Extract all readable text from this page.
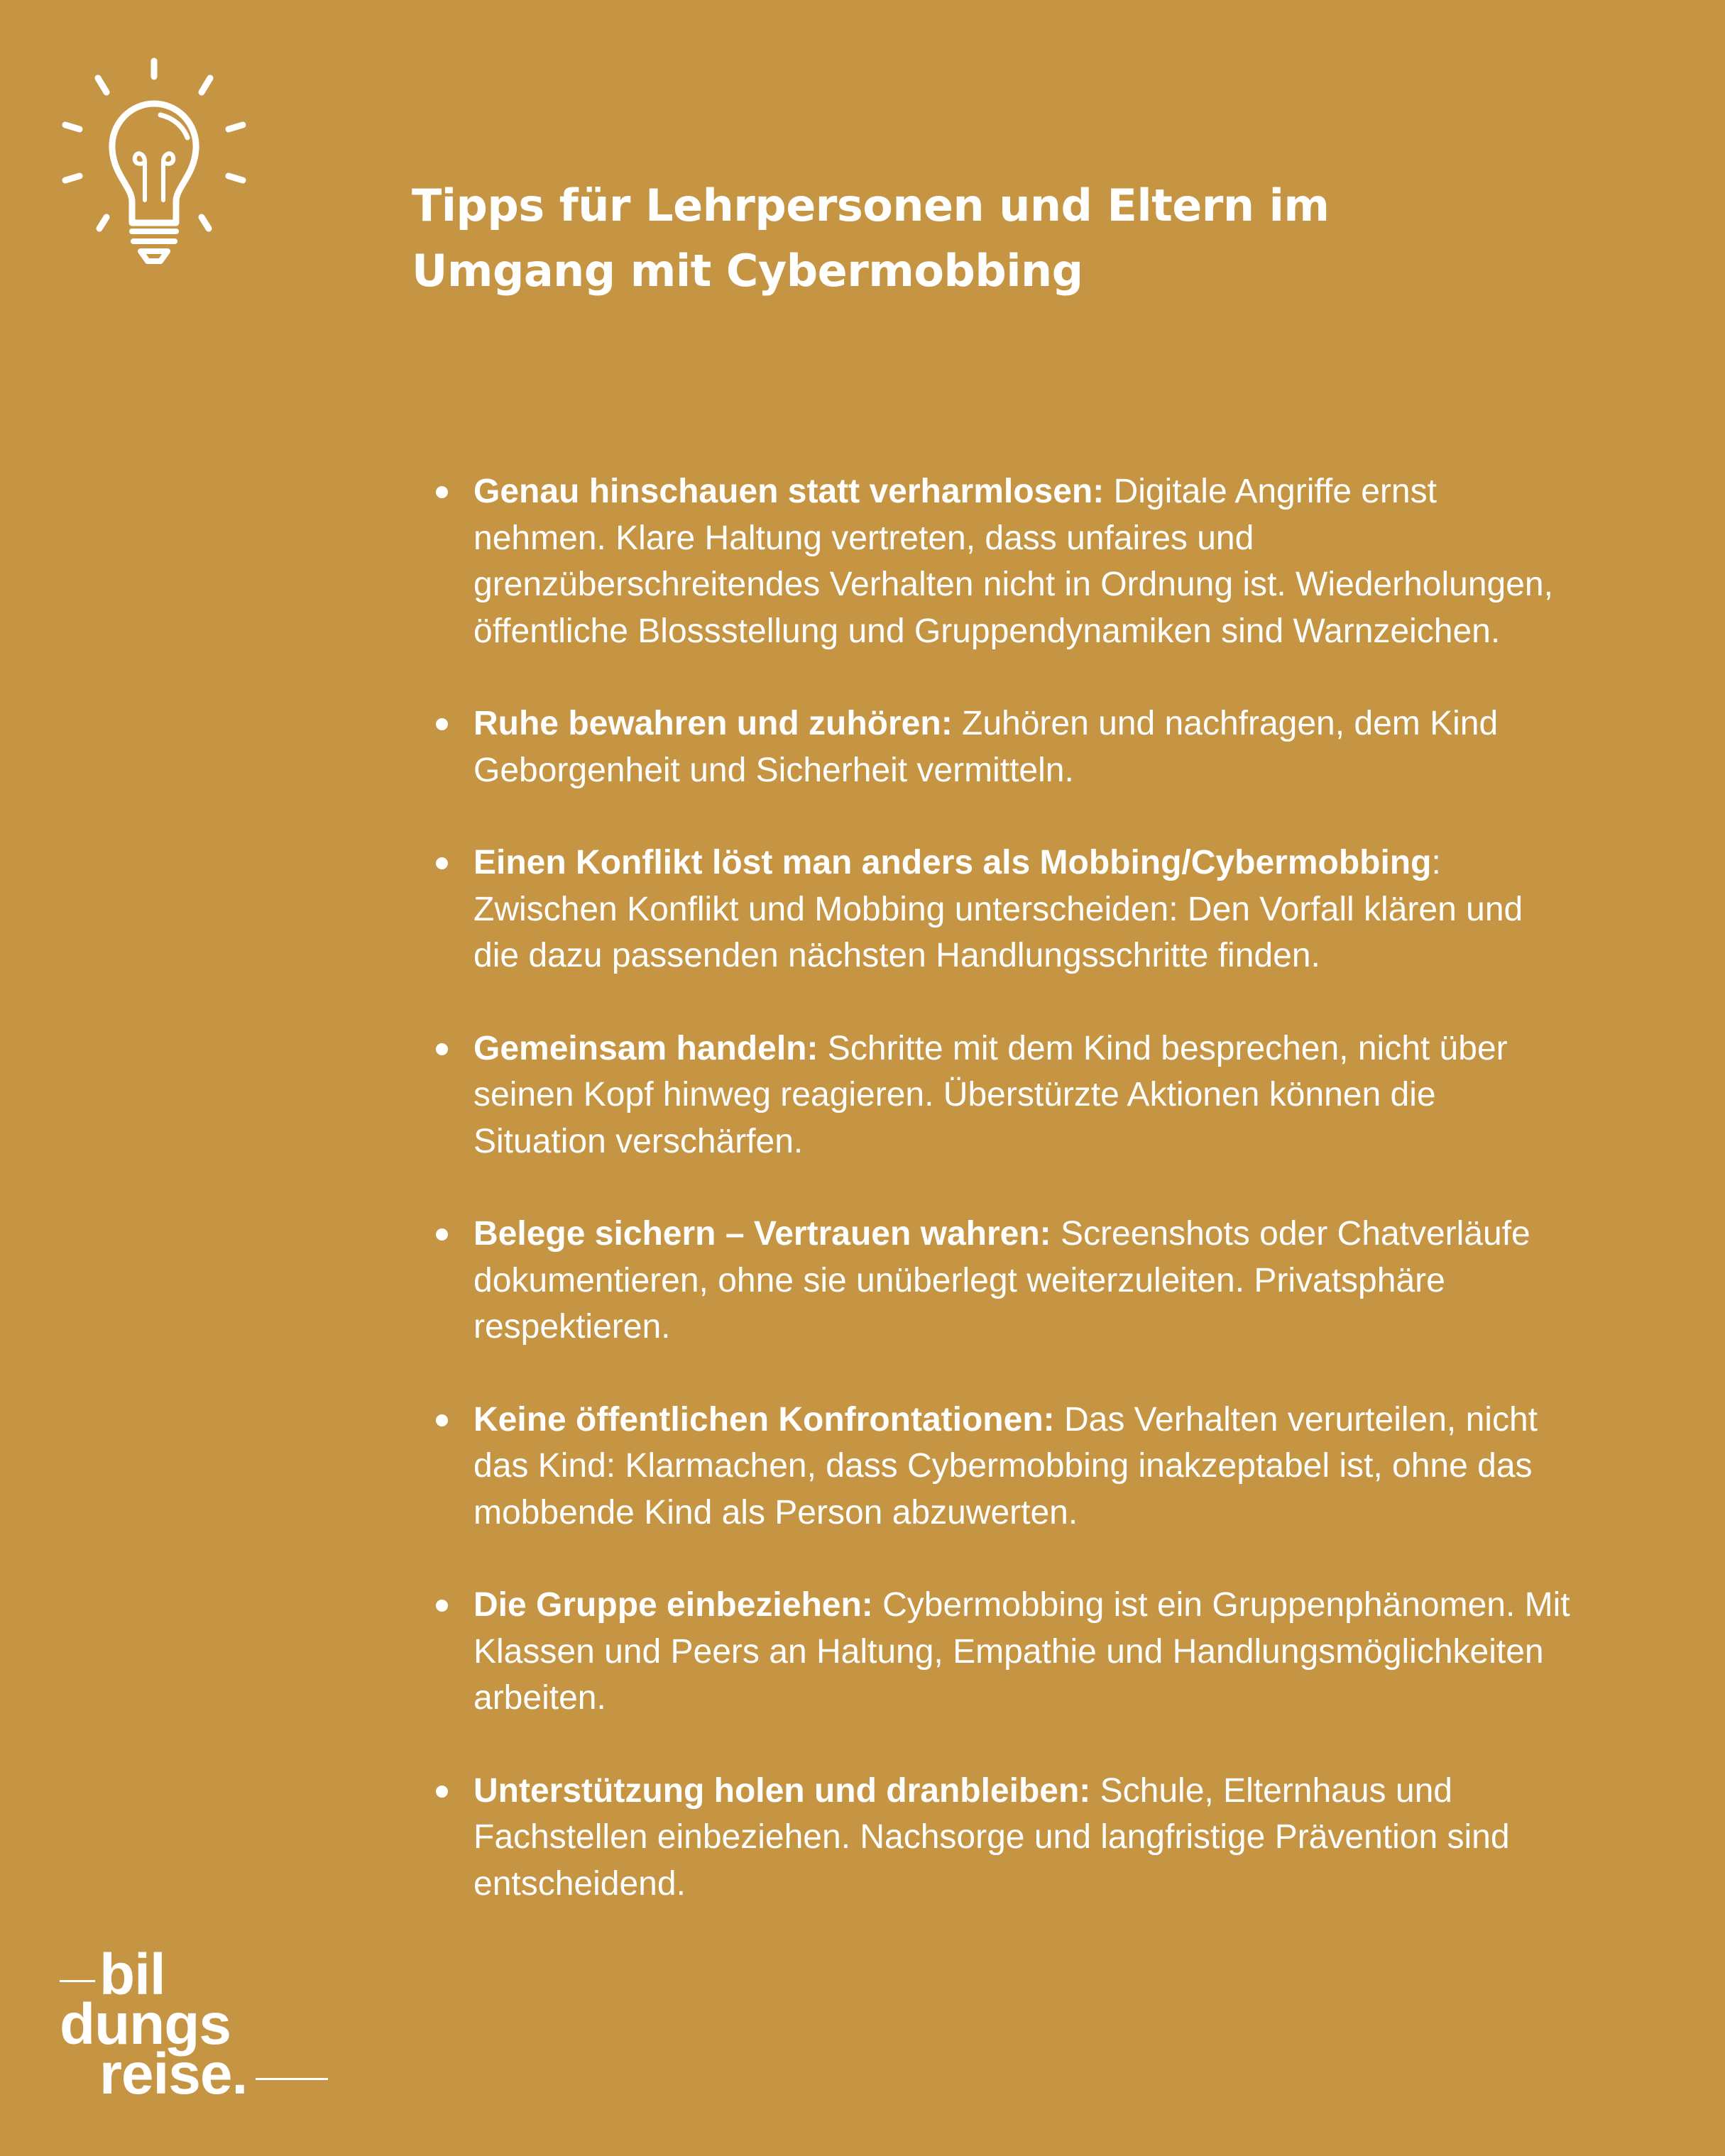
Tipps für Lehrpersonen und Eltern im Umgang mit Cybermobbing
Genau hinschauen statt verharmlosen: Digitale Angriffe ernst nehmen. Klare Haltung vertreten, dass unfaires und grenzüberschreitendes Verhalten nicht in Ordnung ist. Wiederholungen, öffentliche Blossstellung und Gruppendynamiken sind Warnzeichen.
Ruhe bewahren und zuhören: Zuhören und nachfragen, dem Kind Geborgenheit und Sicherheit vermitteln.
Einen Konflikt löst man anders als Mobbing/Cybermobbing: Zwischen Konflikt und Mobbing unterscheiden: Den Vorfall klären und die dazu passenden nächsten Handlungsschritte finden.
Gemeinsam handeln: Schritte mit dem Kind besprechen, nicht über seinen Kopf hinweg reagieren. Überstürzte Aktionen können die Situation verschärfen.
Belege sichern – Vertrauen wahren: Screenshots oder Chatverläufe dokumentieren, ohne sie unüberlegt weiterzuleiten. Privatsphäre respektieren.
Keine öffentlichen Konfrontationen: Das Verhalten verurteilen, nicht das Kind: Klarmachen, dass Cybermobbing inakzeptabel ist, ohne das mobbende Kind als Person abzuwerten.
Die Gruppe einbeziehen: Cybermobbing ist ein Gruppenphänomen. Mit Klassen und Peers an Haltung, Empathie und Handlungsmöglichkeiten arbeiten.
Unterstützung holen und dranbleiben: Schule, Elternhaus und Fachstellen einbeziehen. Nachsorge und langfristige Prävention sind entscheidend.
bil
dungs
reise.
